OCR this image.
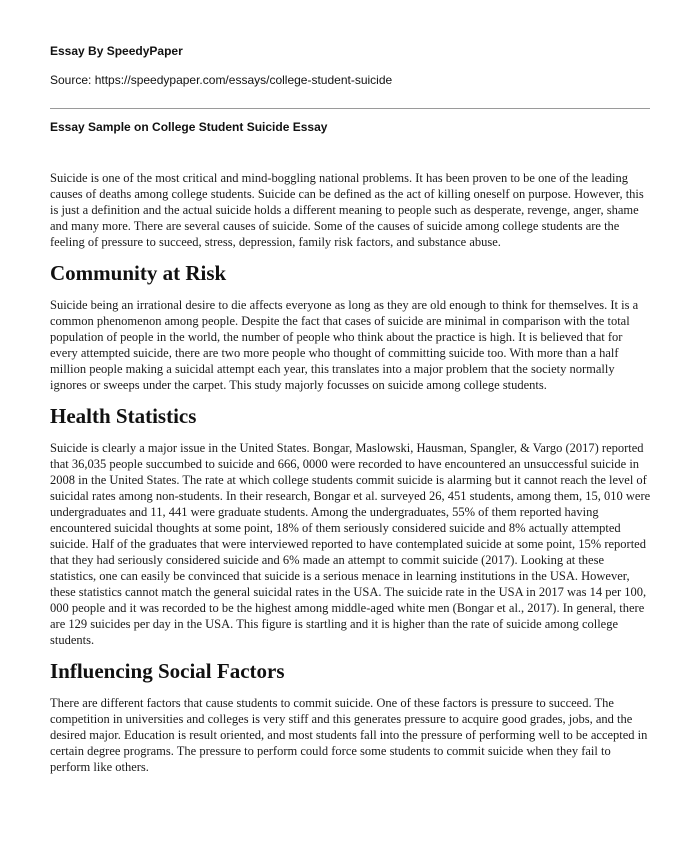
Essay By SpeedyPaper
Source: https://speedypaper.com/essays/college-student-suicide
Essay Sample on College Student Suicide Essay

Suicide is one of the most critical and mind-boggling national problems. It has been proven to be one of the leading causes of deaths among college students. Suicide can be defined as the act of killing oneself on purpose. However, this is just a definition and the actual suicide holds a different meaning to people such as desperate, revenge, anger, shame and many more. There are several causes of suicide. Some of the causes of suicide among college students are the feeling of pressure to succeed, stress, depression, family risk factors, and substance abuse.

Community at Risk

Suicide being an irrational desire to die affects everyone as long as they are old enough to think for themselves. It is a common phenomenon among people. Despite the fact that cases of suicide are minimal in comparison with the total population of people in the world, the number of people who think about the practice is high. It is believed that for every attempted suicide, there are two more people who thought of committing suicide too. With more than a half million people making a suicidal attempt each year, this translates into a major problem that the society normally ignores or sweeps under the carpet. This study majorly focusses on suicide among college students.

Health Statistics

Suicide is clearly a major issue in the United States. Bongar, Maslowski, Hausman, Spangler, & Vargo (2017) reported that 36,035 people succumbed to suicide and 666, 0000 were recorded to have encountered an unsuccessful suicide in 2008 in the United States. The rate at which college students commit suicide is alarming but it cannot reach the level of suicidal rates among non-students. In their research, Bongar et al. surveyed 26, 451 students, among them, 15, 010 were undergraduates and 11, 441 were graduate students. Among the undergraduates, 55% of them reported having encountered suicidal thoughts at some point, 18% of them seriously considered suicide and 8% actually attempted suicide. Half of the graduates that were interviewed reported to have contemplated suicide at some point, 15% reported that they had seriously considered suicide and 6% made an attempt to commit suicide (2017). Looking at these statistics, one can easily be convinced that suicide is a serious menace in learning institutions in the USA. However, these statistics cannot match the general suicidal rates in the USA. The suicide rate in the USA in 2017 was 14 per 100, 000 people and it was recorded to be the highest among middle-aged white men (Bongar et al., 2017). In general, there are 129 suicides per day in the USA. This figure is startling and it is higher than the rate of suicide among college students.

Influencing Social Factors

There are different factors that cause students to commit suicide. One of these factors is pressure to succeed. The competition in universities and colleges is very stiff and this generates pressure to acquire good grades, jobs, and the desired major. Education is result oriented, and most students fall into the pressure of performing well to be accepted in certain degree programs. The pressure to perform could force some students to commit suicide when they fail to perform like others.
